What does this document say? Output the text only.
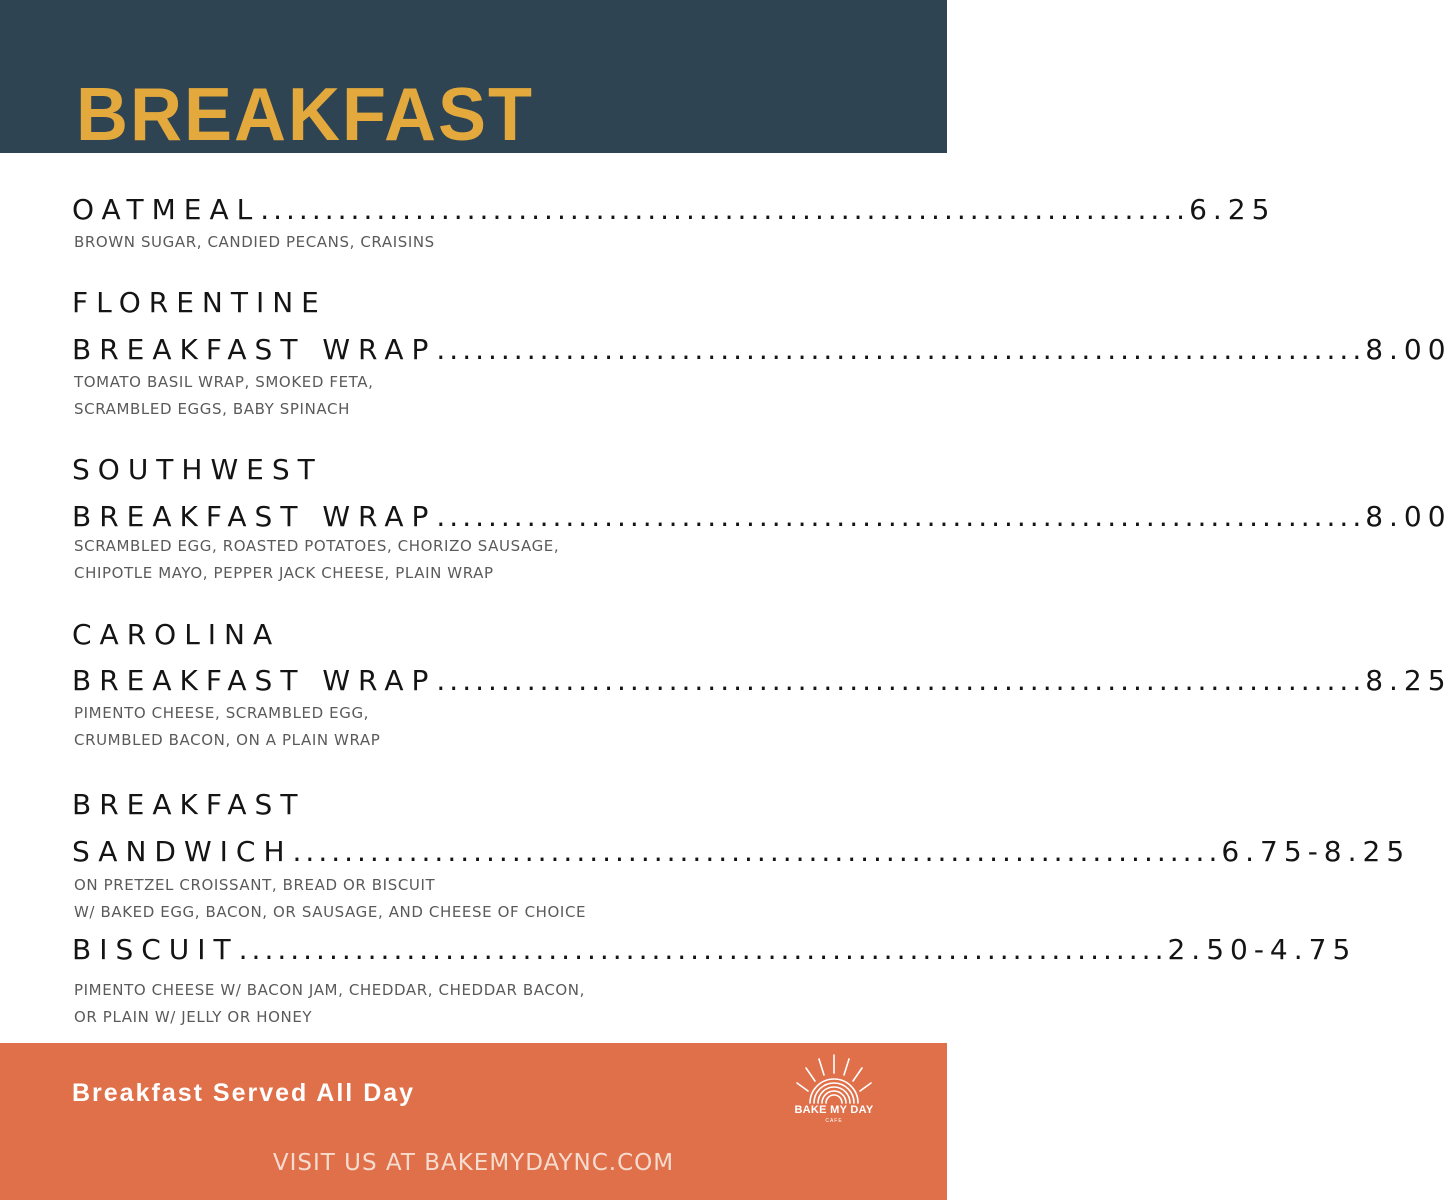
BREAKFAST
OATMEAL ........................................................................ 6.25
BROWN SUGAR, CANDIED PECANS, CRAISINS
FLORENTINE
BREAKFAST WRAP ........................................................................ 8.00
TOMATO BASIL WRAP, SMOKED FETA,
SCRAMBLED EGGS, BABY SPINACH
SOUTHWEST
BREAKFAST WRAP ........................................................................ 8.00
SCRAMBLED EGG, ROASTED POTATOES, CHORIZO SAUSAGE,
CHIPOTLE MAYO, PEPPER JACK CHEESE, PLAIN WRAP
CAROLINA
BREAKFAST WRAP ........................................................................ 8.25
PIMENTO CHEESE, SCRAMBLED EGG,
CRUMBLED BACON, ON A PLAIN WRAP
BREAKFAST
SANDWICH ........................................................................ 6.75-8.25
ON PRETZEL CROISSANT, BREAD OR BISCUIT
W/ BAKED EGG, BACON, OR SAUSAGE, AND CHEESE OF CHOICE
BISCUIT ........................................................................ 2.50-4.75
PIMENTO CHEESE W/ BACON JAM, CHEDDAR, CHEDDAR BACON,
OR PLAIN W/ JELLY OR HONEY
Breakfast Served All Day
BAKE MY DAY
CAFE
VISIT US AT BAKEMYDAYNC.COM
